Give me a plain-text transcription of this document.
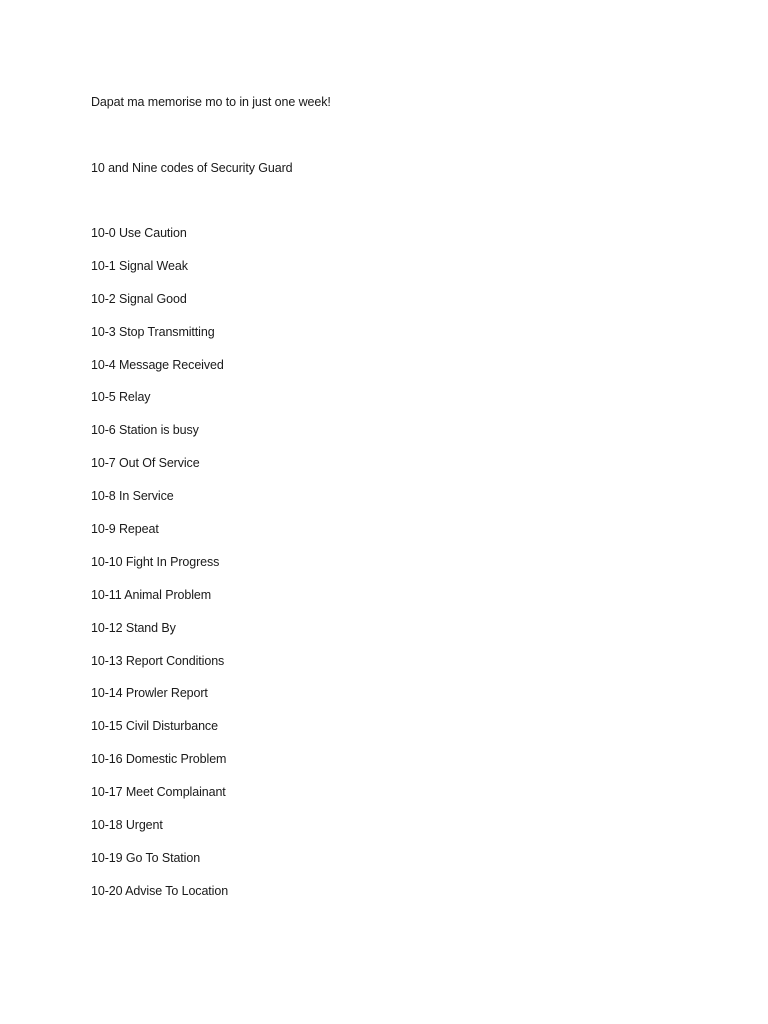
Dapat ma memorise mo to in just one week!
10 and Nine codes of Security Guard
10-0 Use Caution
10-1 Signal Weak
10-2 Signal Good
10-3 Stop Transmitting
10-4 Message Received
10-5 Relay
10-6 Station is busy
10-7 Out Of Service
10-8 In Service
10-9 Repeat
10-10 Fight In Progress
10-11 Animal Problem
10-12 Stand By
10-13 Report Conditions
10-14 Prowler Report
10-15 Civil Disturbance
10-16 Domestic Problem
10-17 Meet Complainant
10-18 Urgent
10-19 Go To Station
10-20 Advise To Location
